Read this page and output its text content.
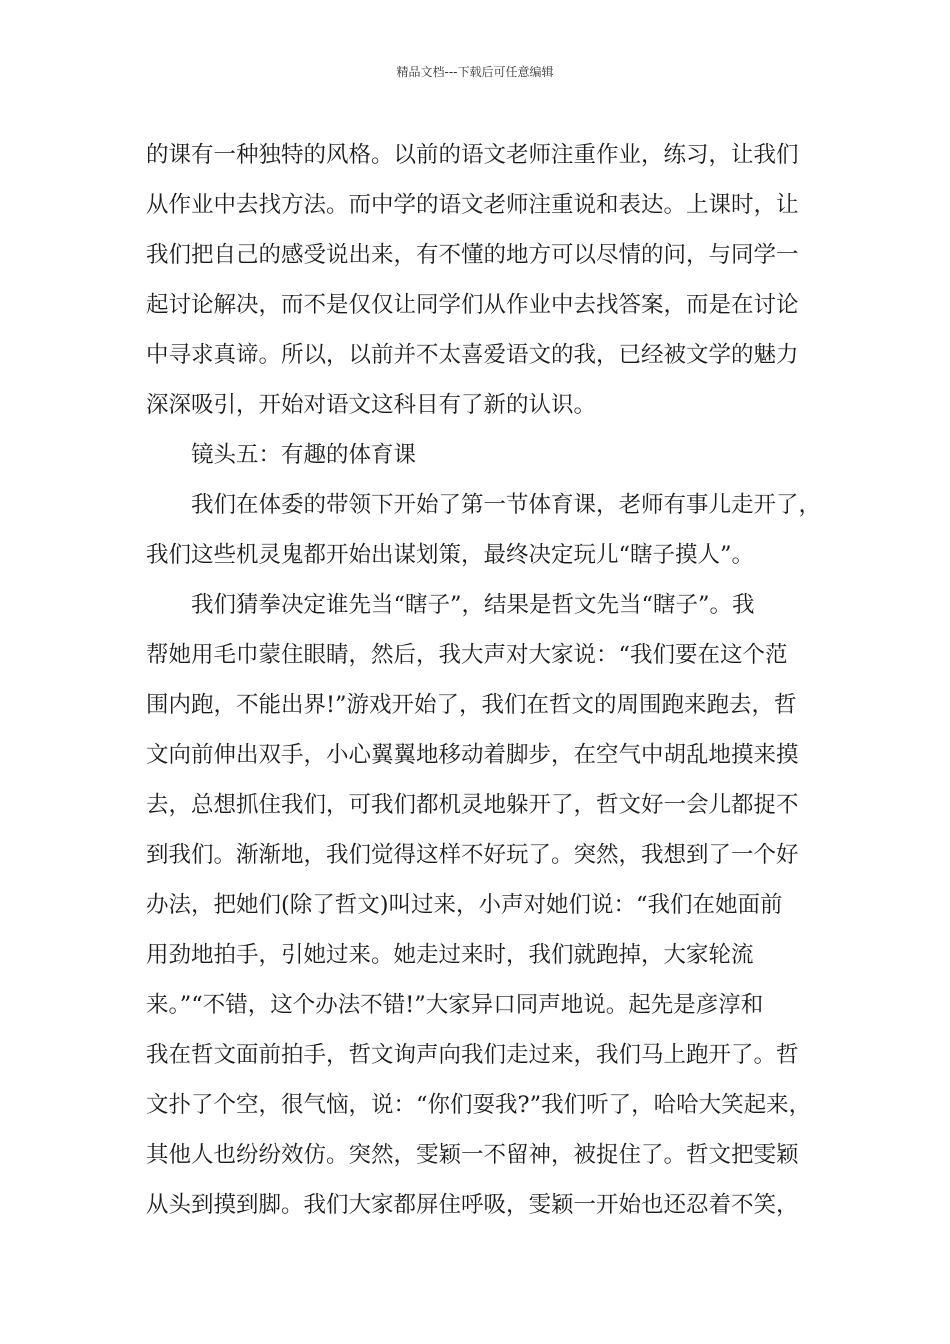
精品文档---下载后可任意编辑
的课有一种独特的风格。以前的语文老师注重作业，练习，让我们
从作业中去找方法。而中学的语文老师注重说和表达。上课时，让
我们把自己的感受说出来，有不懂的地方可以尽情的问，与同学一
起讨论解决，而不是仅仅让同学们从作业中去找答案，而是在讨论
中寻求真谛。所以，以前并不太喜爱语文的我，已经被文学的魅力
深深吸引，开始对语文这科目有了新的认识。
镜头五：有趣的体育课
我们在体委的带领下开始了第一节体育课，老师有事儿走开了，
我们这些机灵鬼都开始出谋划策，最终决定玩儿“瞎子摸人”。
我们猜拳决定谁先当“瞎子”，结果是哲文先当“瞎子”。我
帮她用毛巾蒙住眼睛，然后，我大声对大家说：“我们要在这个范
围内跑，不能出界!”游戏开始了，我们在哲文的周围跑来跑去，哲
文向前伸出双手，小心翼翼地移动着脚步，在空气中胡乱地摸来摸
去，总想抓住我们，可我们都机灵地躲开了，哲文好一会儿都捉不
到我们。渐渐地，我们觉得这样不好玩了。突然，我想到了一个好
办法，把她们(除了哲文)叫过来，小声对她们说：“我们在她面前
用劲地拍手，引她过来。她走过来时，我们就跑掉，大家轮流
来。”“不错，这个办法不错!”大家异口同声地说。起先是彦淳和
我在哲文面前拍手，哲文询声向我们走过来，我们马上跑开了。哲
文扑了个空，很气恼，说：“你们耍我?”我们听了，哈哈大笑起来，
其他人也纷纷效仿。突然，雯颖一不留神，被捉住了。哲文把雯颖
从头到摸到脚。我们大家都屏住呼吸，雯颖一开始也还忍着不笑，
